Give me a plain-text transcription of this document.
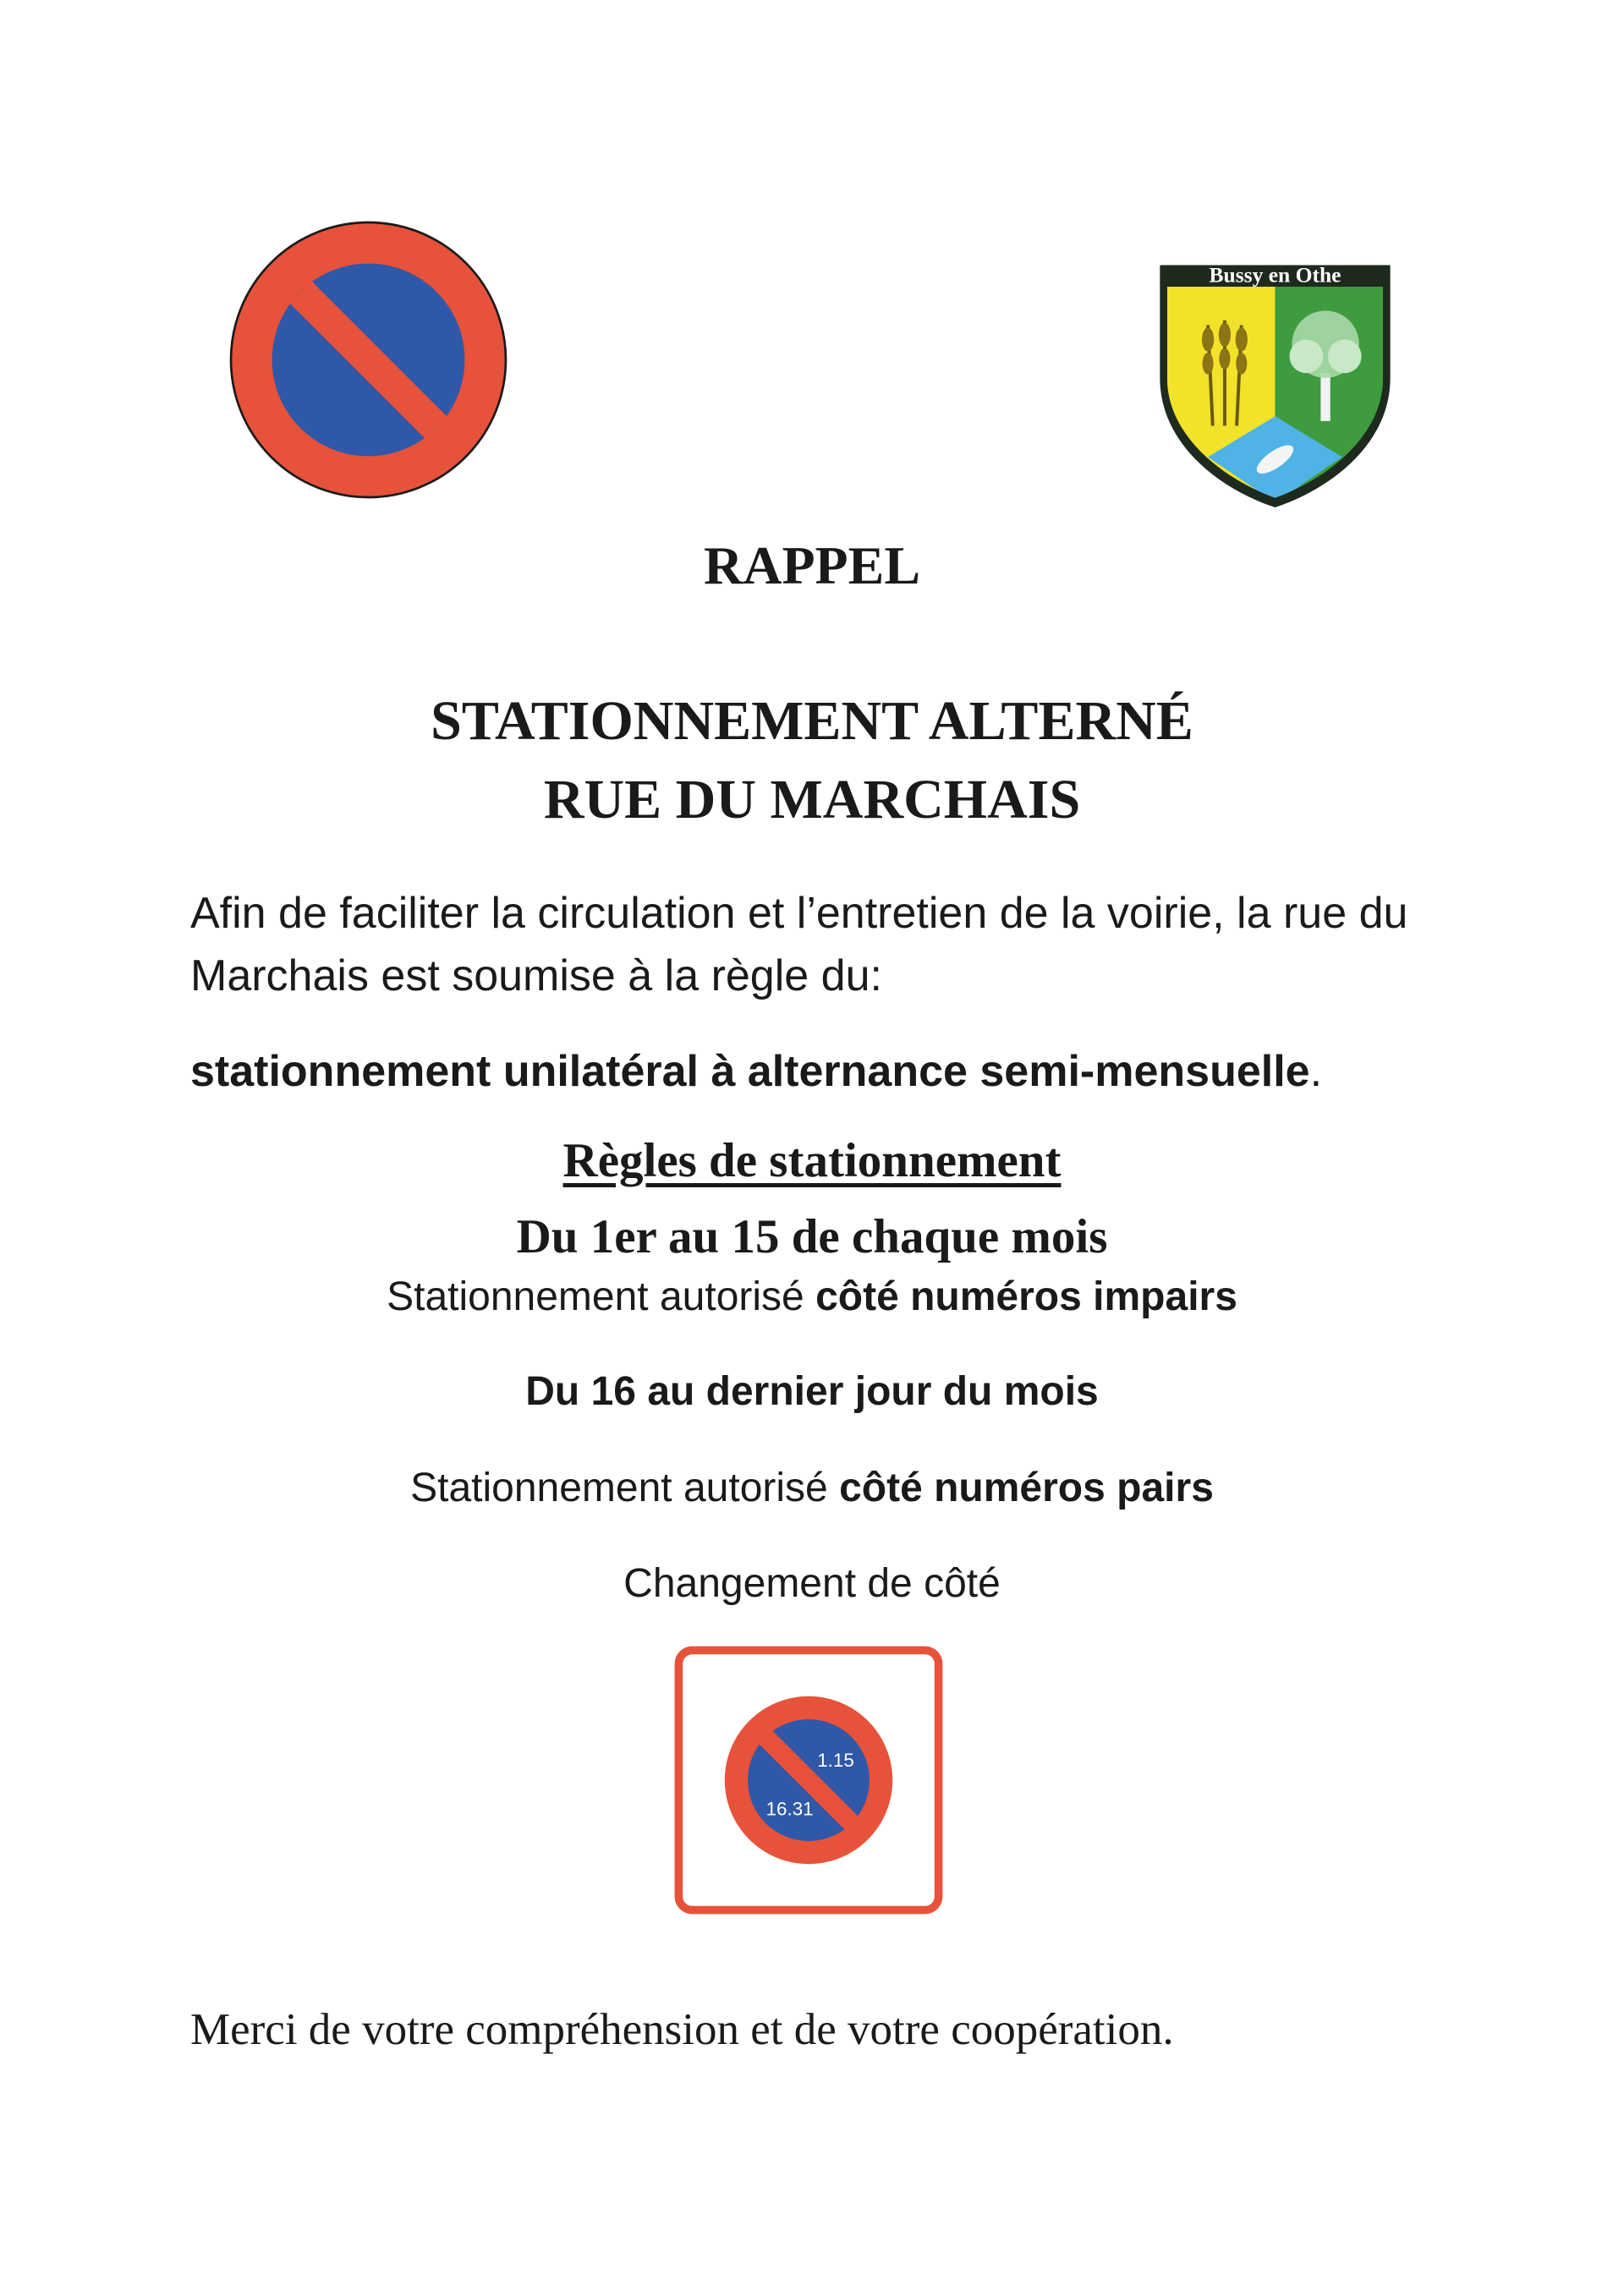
Bussy en Othe
RAPPEL
STATIONNEMENT ALTERNÉ
RUE DU MARCHAIS
Afin de faciliter la circulation et l’entretien de la voirie, la rue du Marchais est soumise à la règle du:
stationnement unilatéral à alternance semi-mensuelle.
Règles de stationnement
Du 1er au 15 de chaque mois
Stationnement autorisé côté numéros impairs
Du 16 au dernier jour du mois
Stationnement autorisé côté numéros pairs
Changement de côté
1.15
16.31
Merci de votre compréhension et de votre coopération.
